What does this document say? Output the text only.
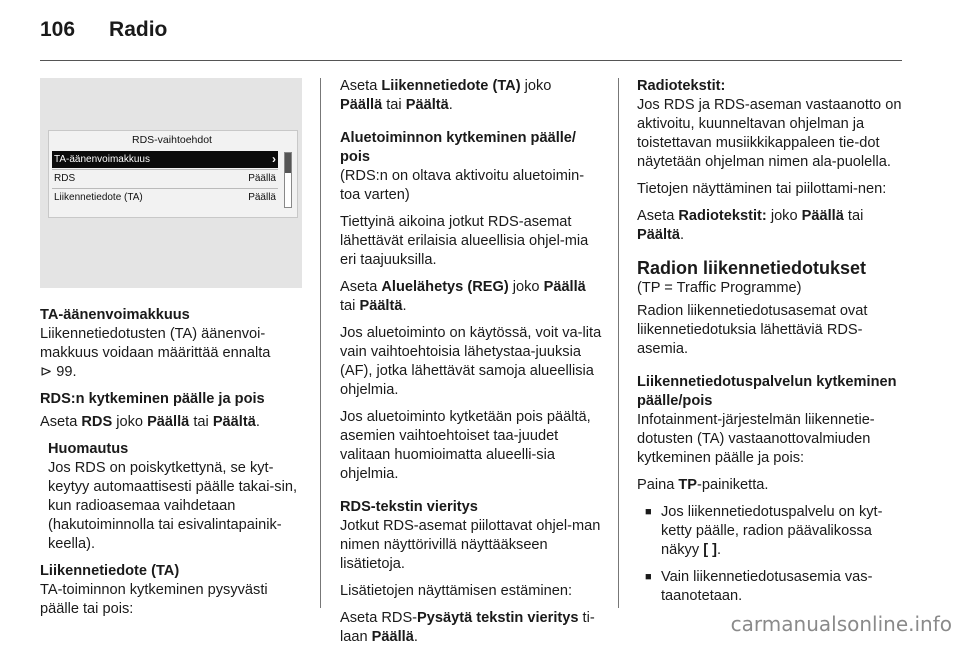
106 Radio
RDS-vaihtoehdot
TA-äänenvoimakkuus	›
RDS	Päällä
Liikennetiedote (TA)	Päällä

TA-äänenvoimakkuus

Liikennetiedotusten (TA) äänenvoi-makkuus voidaan määrittää ennalta
⊳ 99.

RDS:n kytkeminen päälle ja pois

Aseta RDS joko Päällä tai Päältä.

Huomautus

Jos RDS on poiskytkettynä, se kyt-keytyy automaattisesti päälle takai-sin, kun radioasemaa vaihdetaan (hakutoiminnolla tai esivalintapainik-keella).

Liikennetiedote (TA)

TA-toiminnon kytkeminen pysyvästi päälle tai pois:

Aseta Liikennetiedote (TA) joko
Päällä tai Päältä.

Aluetoiminnon kytkeminen päälle/ pois

(RDS:n on oltava aktivoitu aluetoimin-toa varten)

Tiettyinä aikoina jotkut RDS-asemat lähettävät erilaisia alueellisia ohjel-mia eri taajuuksilla.

Aseta Aluelähetys (REG) joko Päällä
tai Päältä.

Jos aluetoiminto on käytössä, voit va-lita vain vaihtoehtoisia lähetystaa-juuksia (AF), jotka lähettävät samoja alueellisia ohjelmia.

Jos aluetoiminto kytketään pois päältä, asemien vaihtoehtoiset taa-juudet valitaan huomioimatta alueelli-sia ohjelmia.

RDS-tekstin vieritys

Jotkut RDS-asemat piilottavat ohjel-man nimen näyttörivillä näyttääkseen lisätietoja.

Lisätietojen näyttämisen estäminen:

Aseta RDS-Pysäytä tekstin vieritys ti-laan Päällä.

Radiotekstit:

Jos RDS ja RDS-aseman vastaanotto on aktivoitu, kuunneltavan ohjelman ja toistettavan musiikkikappaleen tie-dot näytetään ohjelman nimen ala-puolella.

Tietojen näyttäminen tai piilottami-nen:

Aseta Radiotekstit: joko Päällä tai
Päältä.

Radion liikennetiedotukset

(TP = Traffic Programme)

Radion liikennetiedotusasemat ovat liikennetiedotuksia lähettäviä RDS-asemia.

Liikennetiedotuspalvelun kytkeminen päälle/pois

Infotainment-järjestelmän liikennetie-dotusten (TA) vastaanottovalmiuden kytkeminen päälle ja pois:

Paina TP-painiketta.

■ Jos liikennetiedotuspalvelu on kyt-ketty päälle, radion päävalikossa näkyy [ ].
■ Vain liikennetiedotusasemia vas-taanotetaan.
carmanualsonline.info
